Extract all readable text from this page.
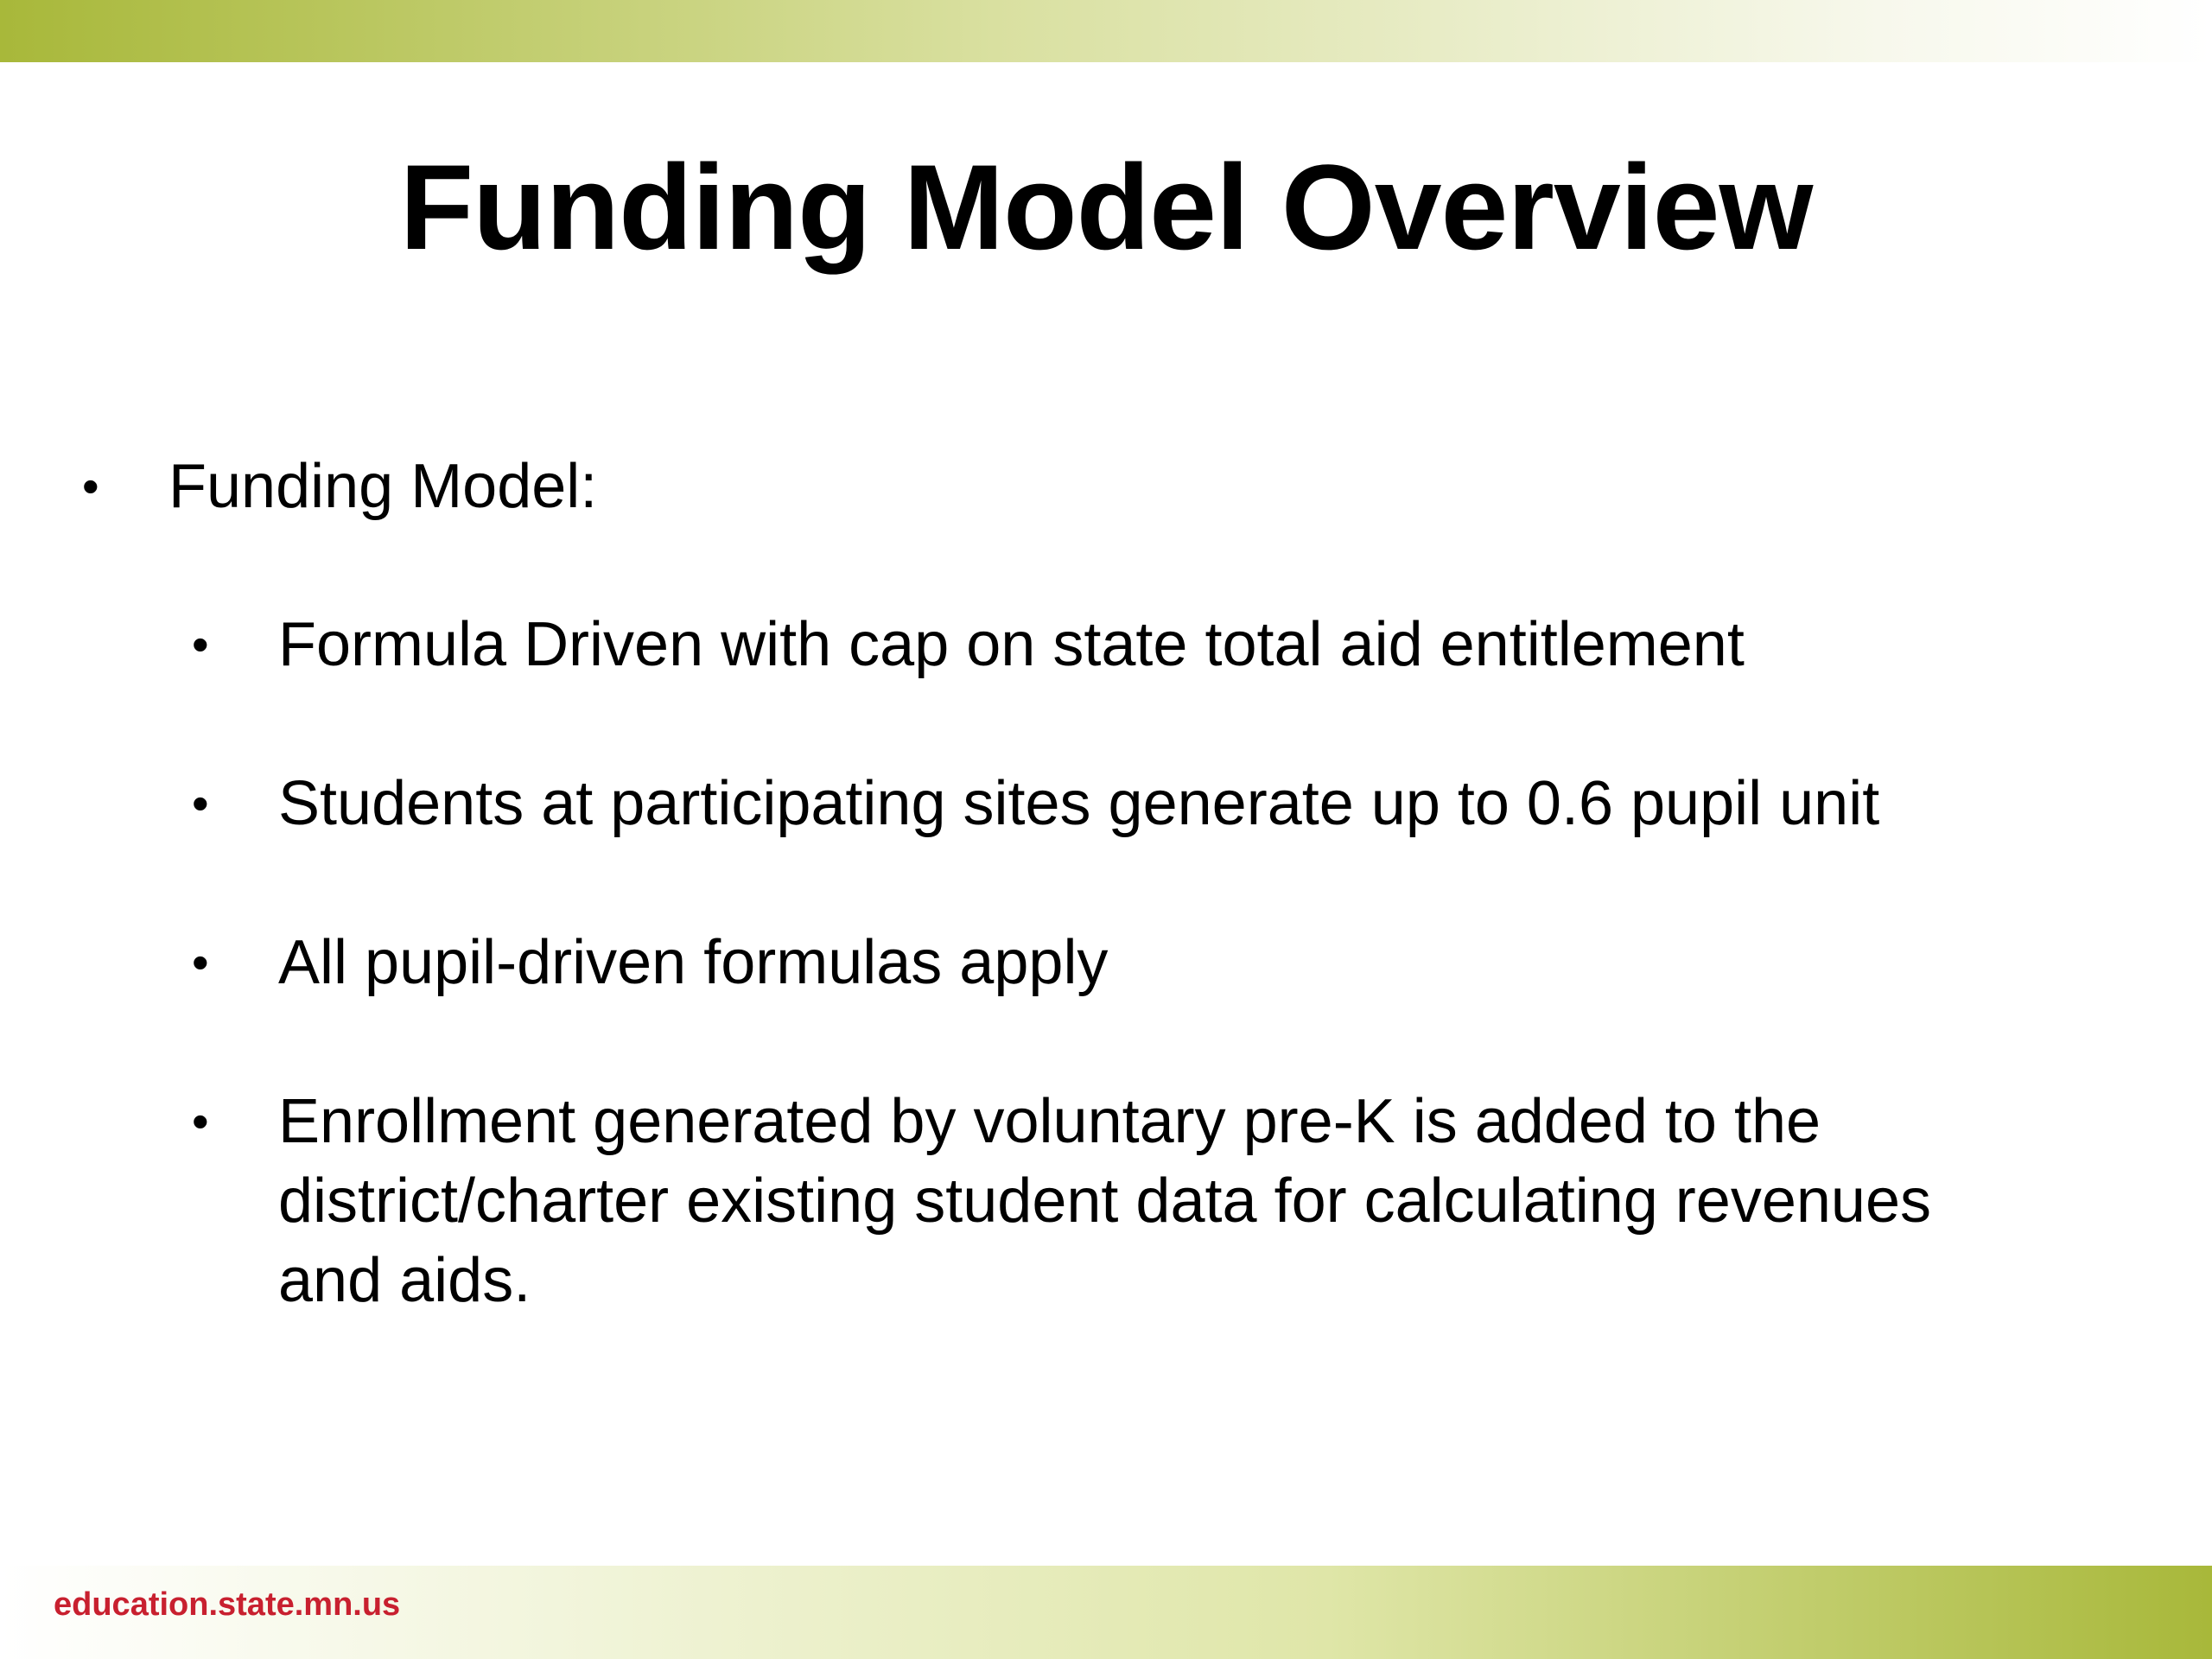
Funding Model Overview
• Funding Model:
• Formula Driven with cap on state total aid entitlement
• Students at participating sites generate up to 0.6 pupil unit
• All pupil-driven formulas apply
• Enrollment generated by voluntary pre-K is added to the district/charter existing student data for calculating revenues and aids.
education.state.mn.us
